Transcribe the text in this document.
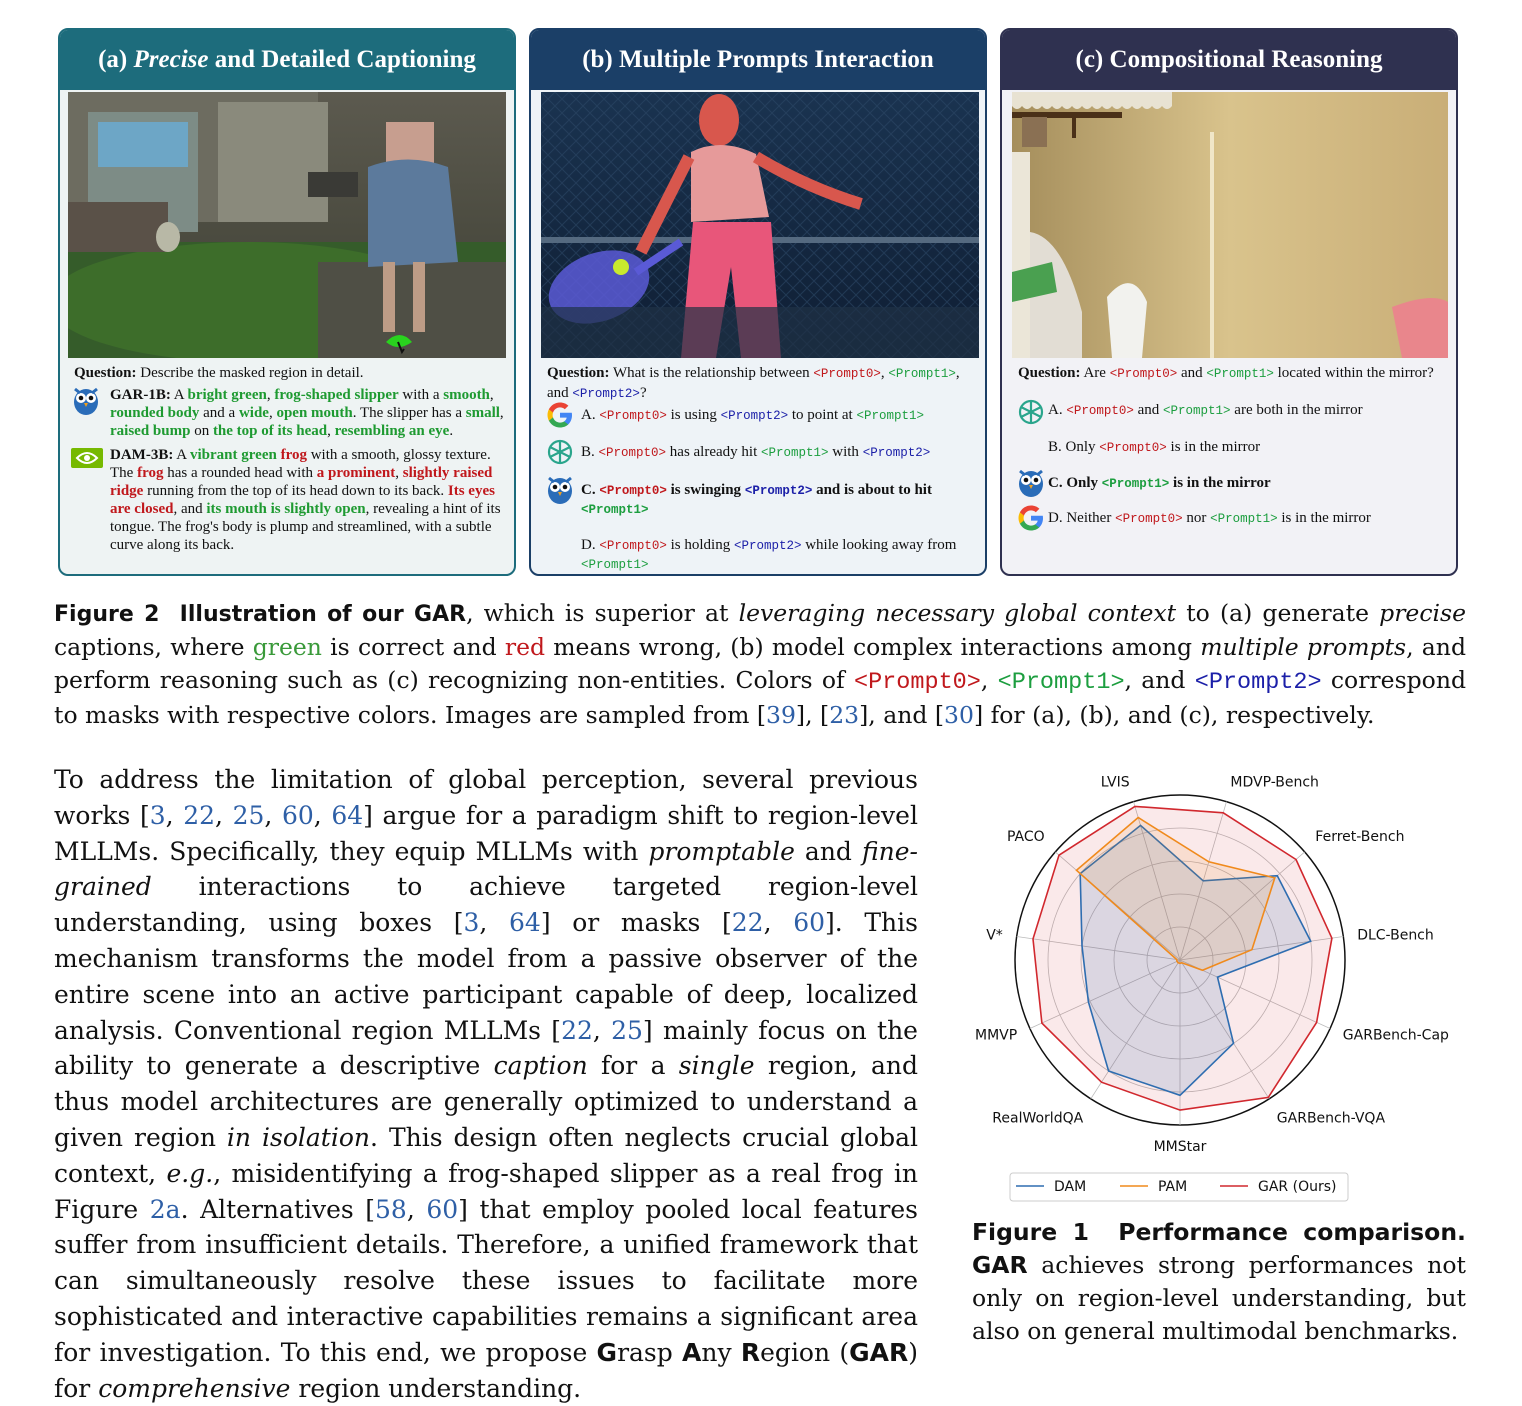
(a) Precise and Detailed Captioning
Question: Describe the masked region in detail.
GAR-1B: A bright green, frog-shaped slipper with a smooth, rounded body and a wide, open mouth. The slipper has a small, raised bump on the top of its head, resembling an eye.
DAM-3B: A vibrant green frog with a smooth, glossy texture. The frog has a rounded head with a prominent, slightly raised ridge running from the top of its head down to its back. Its eyes are closed, and its mouth is slightly open, revealing a hint of its tongue. The frog's body is plump and streamlined, with a subtle curve along its back.
(b) Multiple Prompts Interaction
Question: What is the relationship between <Prompt0>, <Prompt1>,
and <Prompt2>?
A. <Prompt0> is using <Prompt2> to point at <Prompt1>
B. <Prompt0> has already hit <Prompt1> with <Prompt2>
C. <Prompt0> is swinging <Prompt2> and is about to hit <Prompt1>
D. <Prompt0> is holding <Prompt2> while looking away from <Prompt1>
(c) Compositional Reasoning
Question: Are <Prompt0> and <Prompt1> located within the mirror?
A. <Prompt0> and <Prompt1> are both in the mirror
B. Only <Prompt0> is in the mirror
C. Only <Prompt1> is in the mirror
D. Neither <Prompt0> nor <Prompt1> is in the mirror
Figure 2 Illustration of our GAR, which is superior at leveraging necessary global context to (a) generate precise captions, where green is correct and red means wrong, (b) model complex interactions among multiple prompts, and perform reasoning such as (c) recognizing non-entities. Colors of <Prompt0>, <Prompt1>, and <Prompt2> correspond to masks with respective colors. Images are sampled from [39], [23], and [30] for (a), (b), and (c), respectively.
To address the limitation of global perception, several previous works [3, 22, 25, 60, 64] argue for a paradigm shift to region-level MLLMs. Specifically, they equip MLLMs with promptable and fine-grained interactions to achieve targeted region-level understanding, using boxes [3, 64] or masks [22, 60]. This mechanism transforms the model from a passive observer of the entire scene into an active participant capable of deep, localized analysis. Conventional region MLLMs [22, 25] mainly focus on the ability to generate a descriptive caption for a single region, and thus model architectures are generally optimized to understand a given region in isolation. This design often neglects crucial global context, e.g., misidentifying a frog-shaped slipper as a real frog in Figure 2a. Alternatives [58, 60] that employ pooled local features suffer from insufficient details. Therefore, a unified framework that can simultaneously resolve these issues to facilitate more sophisticated and interactive capabilities remains a significant area for investigation. To this end, we propose Grasp Any Region (GAR) for comprehensive region understanding.
Ferret-Bench
DLC-Bench
GARBench-Cap
GARBench-VQA
MMStar
RealWorldQA
MMVP
V*
PACO
LVIS	MDVP-Bench
DAM	PAM	GAR (Ours)
Figure 1 Performance comparison. GAR achieves strong performances not only on region-level understanding, but also on general multimodal benchmarks.
